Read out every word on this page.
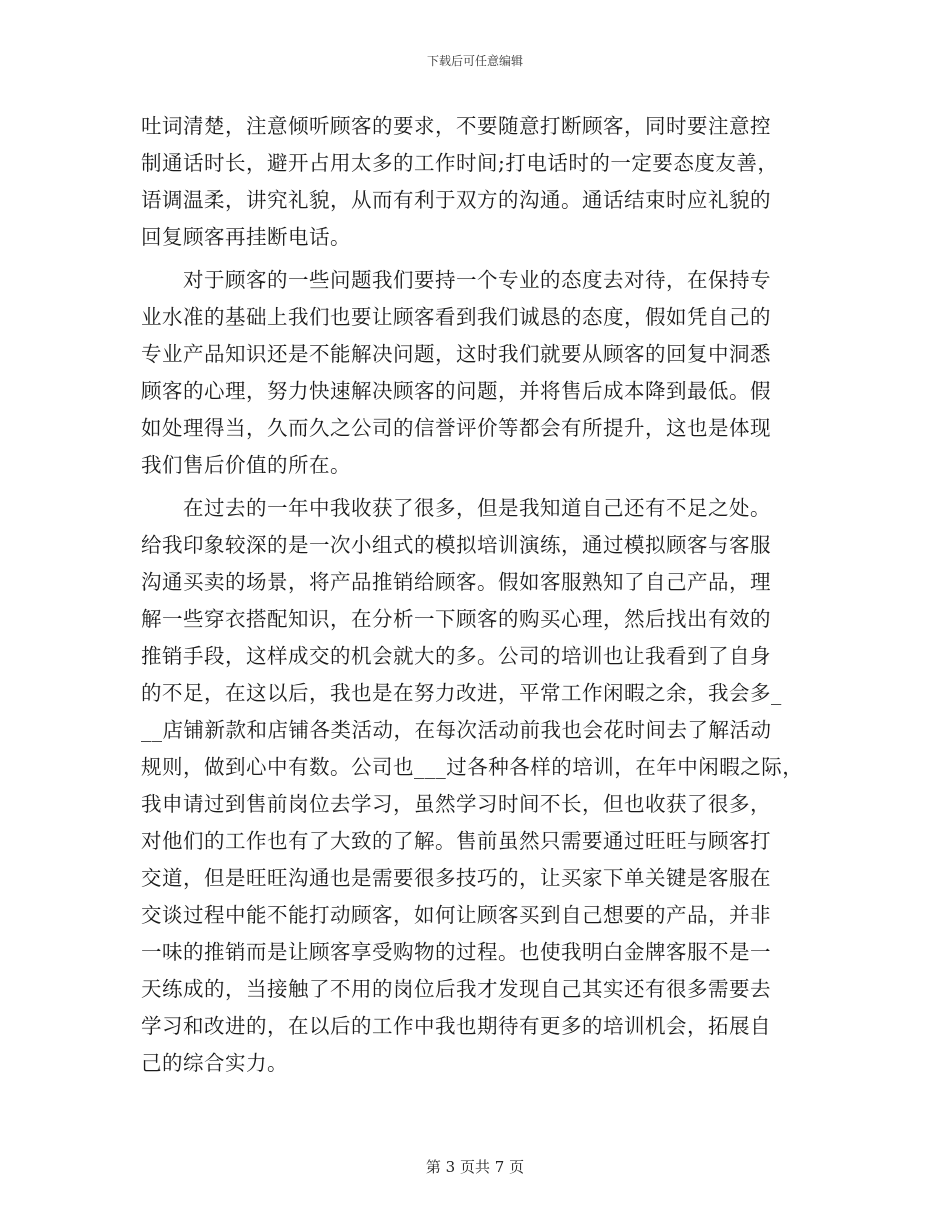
下载后可任意编辑
吐词清楚，注意倾听顾客的要求，不要随意打断顾客，同时要注意控
制通话时长，避开占用太多的工作时间;打电话时的一定要态度友善，
语调温柔，讲究礼貌，从而有利于双方的沟通。通话结束时应礼貌的
回复顾客再挂断电话。
对于顾客的一些问题我们要持一个专业的态度去对待，在保持专
业水准的基础上我们也要让顾客看到我们诚恳的态度，假如凭自己的
专业产品知识还是不能解决问题，这时我们就要从顾客的回复中洞悉
顾客的心理，努力快速解决顾客的问题，并将售后成本降到最低。假
如处理得当，久而久之公司的信誉评价等都会有所提升，这也是体现
我们售后价值的所在。
在过去的一年中我收获了很多，但是我知道自己还有不足之处。
给我印象较深的是一次小组式的模拟培训演练，通过模拟顾客与客服
沟通买卖的场景，将产品推销给顾客。假如客服熟知了自己产品，理
解一些穿衣搭配知识，在分析一下顾客的购买心理，然后找出有效的
推销手段，这样成交的机会就大的多。公司的培训也让我看到了自身
的不足，在这以后，我也是在努力改进，平常工作闲暇之余，我会多_
__店铺新款和店铺各类活动，在每次活动前我也会花时间去了解活动
规则，做到心中有数。公司也___过各种各样的培训，在年中闲暇之际，
我申请过到售前岗位去学习，虽然学习时间不长，但也收获了很多，
对他们的工作也有了大致的了解。售前虽然只需要通过旺旺与顾客打
交道，但是旺旺沟通也是需要很多技巧的，让买家下单关键是客服在
交谈过程中能不能打动顾客，如何让顾客买到自己想要的产品，并非
一味的推销而是让顾客享受购物的过程。也使我明白金牌客服不是一
天练成的，当接触了不用的岗位后我才发现自己其实还有很多需要去
学习和改进的，在以后的工作中我也期待有更多的培训机会，拓展自
己的综合实力。
第 3 页共 7 页
